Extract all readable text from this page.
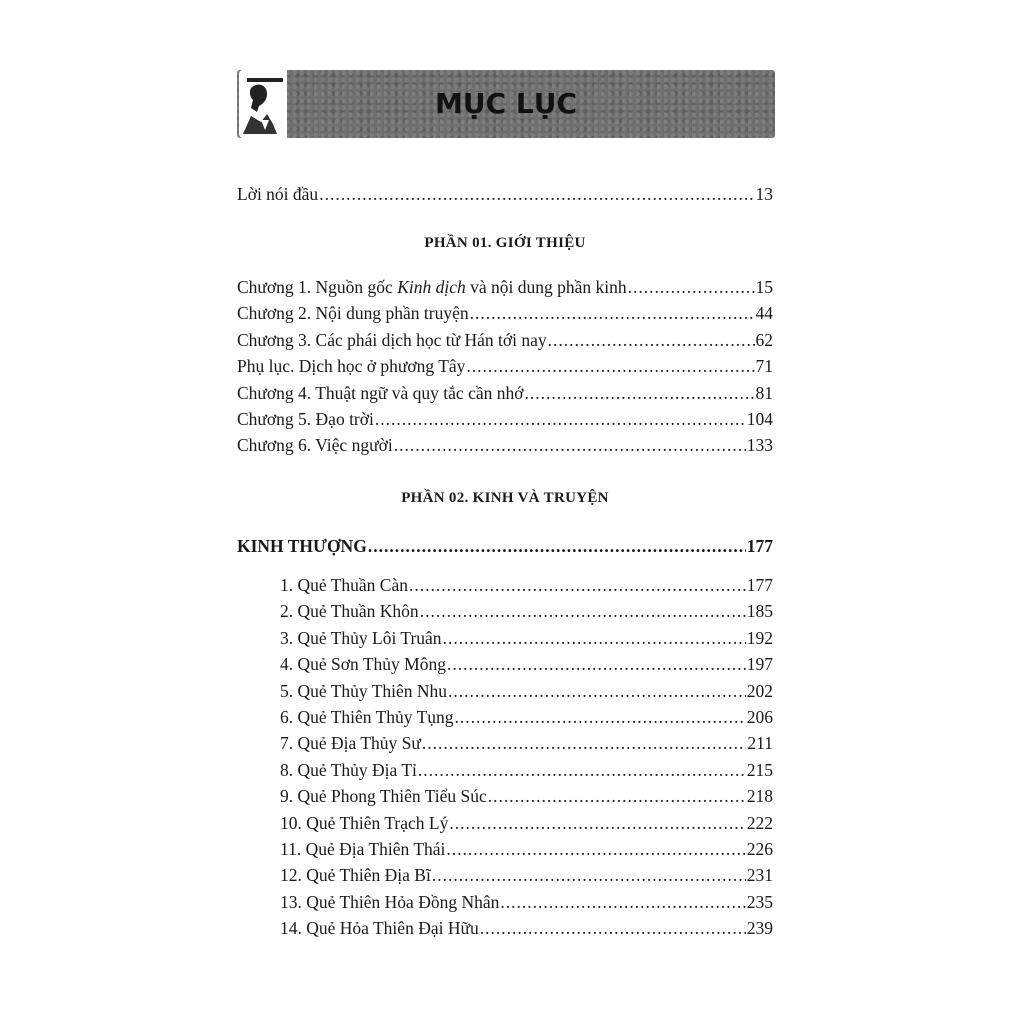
MỤC LỤC
Lời nói đầu .....	13
PHẦN 01. GIỚI THIỆU
Chương 1. Nguồn gốc Kinh dịch và nội dung phần kinh .....	15
Chương 2. Nội dung phần truyện .....	44
Chương 3. Các phái dịch học từ Hán tới nay .....	62
Phụ lục. Dịch học ở phương Tây .....	71
Chương 4. Thuật ngữ và quy tắc cần nhớ .....	81
Chương 5. Đạo trời .....	104
Chương 6. Việc người .....	133
PHẦN 02. KINH VÀ TRUYỆN
KINH THƯỢNG .....	177
1. Quẻ Thuần Càn .....	177
2. Quẻ Thuần Khôn .....	185
3. Quẻ Thủy Lôi Truân .....	192
4. Quẻ Sơn Thủy Mông .....	197
5. Quẻ Thủy Thiên Nhu .....	202
6. Quẻ Thiên Thủy Tụng .....	206
7. Quẻ Địa Thủy Sư .....	211
8. Quẻ Thủy Địa Tỉ .....	215
9. Quẻ Phong Thiên Tiểu Súc .....	218
10. Quẻ Thiên Trạch Lý .....	222
11. Quẻ Địa Thiên Thái .....	226
12. Quẻ Thiên Địa Bĩ .....	231
13. Quẻ Thiên Hỏa Đồng Nhân .....	235
14. Quẻ Hỏa Thiên Đại Hữu .....	239
